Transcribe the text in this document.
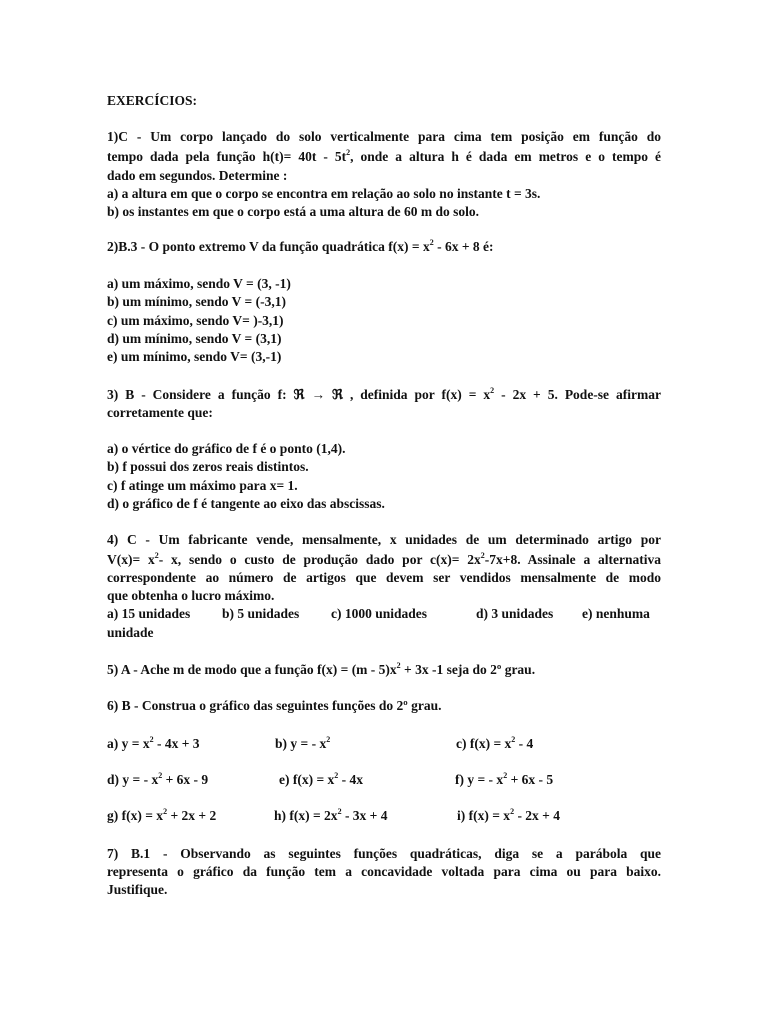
EXERCÍCIOS:
1)C - Um corpo lançado do solo verticalmente para cima tem posição em função do
tempo dada pela função $h(t)= 40t - 5t^2$, onde a altura h é dada em metros e o tempo é
dado em segundos. Determine :
a) a altura em que o corpo se encontra em relação ao solo no instante t = 3s.
b) os instantes em que o corpo está a uma altura de 60 m do solo.
2)B.3 - O ponto extremo V da função quadrática $f(x) = x^2 - 6x + 8$ é:
a) um máximo, sendo V = (3, -1)
b) um mínimo, sendo V = (-3,1)
c) um máximo, sendo V= )-3,1)
d) um mínimo, sendo V = (3,1)
e) um mínimo, sendo V= (3,-1)
3) B - Considere a função f: ℜ → ℜ , definida por $f(x) = x^2 - 2x + 5$. Pode-se afirmar
corretamente que:
a) o vértice do gráfico de f é o ponto (1,4).
b) f possui dos zeros reais distintos.
c) f atinge um máximo para x= 1.
d) o gráfico de f é tangente ao eixo das abscissas.
4) C - Um fabricante vende, mensalmente, x unidades de um determinado artigo por
$V(x)= x^2-$ x, sendo o custo de produção dado por $c(x)= 2x^2-7x+8$. Assinale a alternativa
correspondente ao número de artigos que devem ser vendidos mensalmente de modo
que obtenha o lucro máximo.
a) 15 unidades b) 5 unidades c) 1000 unidades	d) 3 unidades e) nenhuma
unidade
5) A - Ache m de modo que a função $f(x) = (m - 5)x^2 + 3x$ -1 seja do 2º grau.
6) B - Construa o gráfico das seguintes funções do 2º grau.
a) $y = x^2 - 4x + 3$	b) y = - $x^2$	c) $f(x) = x^2 - 4$
d) y = - $x^2 + 6x - 9$	e) $f(x) = x^2 - 4x$	f) y = - $x^2 + 6x - 5$
g) $f(x) = x^2 + 2x + 2$	h) $f(x) = 2x^2 - 3x + 4$	i) $f(x) = x^2 - 2x + 4$
7) B.1 - Observando as seguintes funções quadráticas, diga se a parábola que
representa o gráfico da função tem a concavidade voltada para cima ou para baixo.
Justifique.
